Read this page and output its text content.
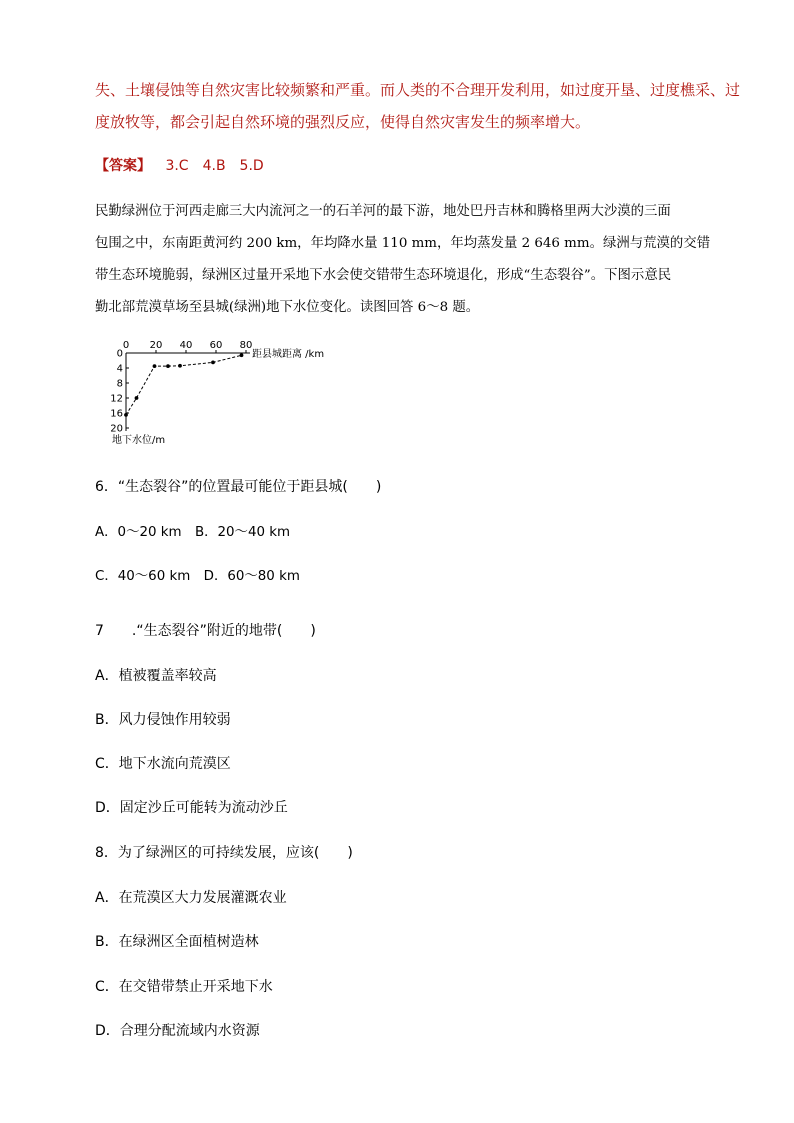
失、土壤侵蚀等自然灾害比较频繁和严重。而人类的不合理开发利用，如过度开垦、过度樵采、过
度放牧等，都会引起自然环境的强烈反应，使得自然灾害发生的频率增大。
【答案】 3.C　4.B　5.D
民勤绿洲位于河西走廊三大内流河之一的石羊河的最下游，地处巴丹吉林和腾格里两大沙漠的三面
包围之中，东南距黄河约 200 km，年均降水量 110 mm，年均蒸发量 2 646 mm。绿洲与荒漠的交错
带生态环境脆弱，绿洲区过量开采地下水会使交错带生态环境退化，形成“生态裂谷”。下图示意民
勤北部荒漠草场至县城(绿洲)地下水位变化。读图回答 6～8 题。
0 20 40 60 80
0
4
8
12
16
20
距县城距离 /km
地下水位/m
6．“生态裂谷”的位置最可能位于距县城(　　)
A．0～20 km　B．20～40 km
C．40～60 km　D．60～80 km
7　　.“生态裂谷”附近的地带(　　)
A．植被覆盖率较高
B．风力侵蚀作用较弱
C．地下水流向荒漠区
D．固定沙丘可能转为流动沙丘
8．为了绿洲区的可持续发展，应该(　　)
A．在荒漠区大力发展灌溉农业
B．在绿洲区全面植树造林
C．在交错带禁止开采地下水
D．合理分配流域内水资源
